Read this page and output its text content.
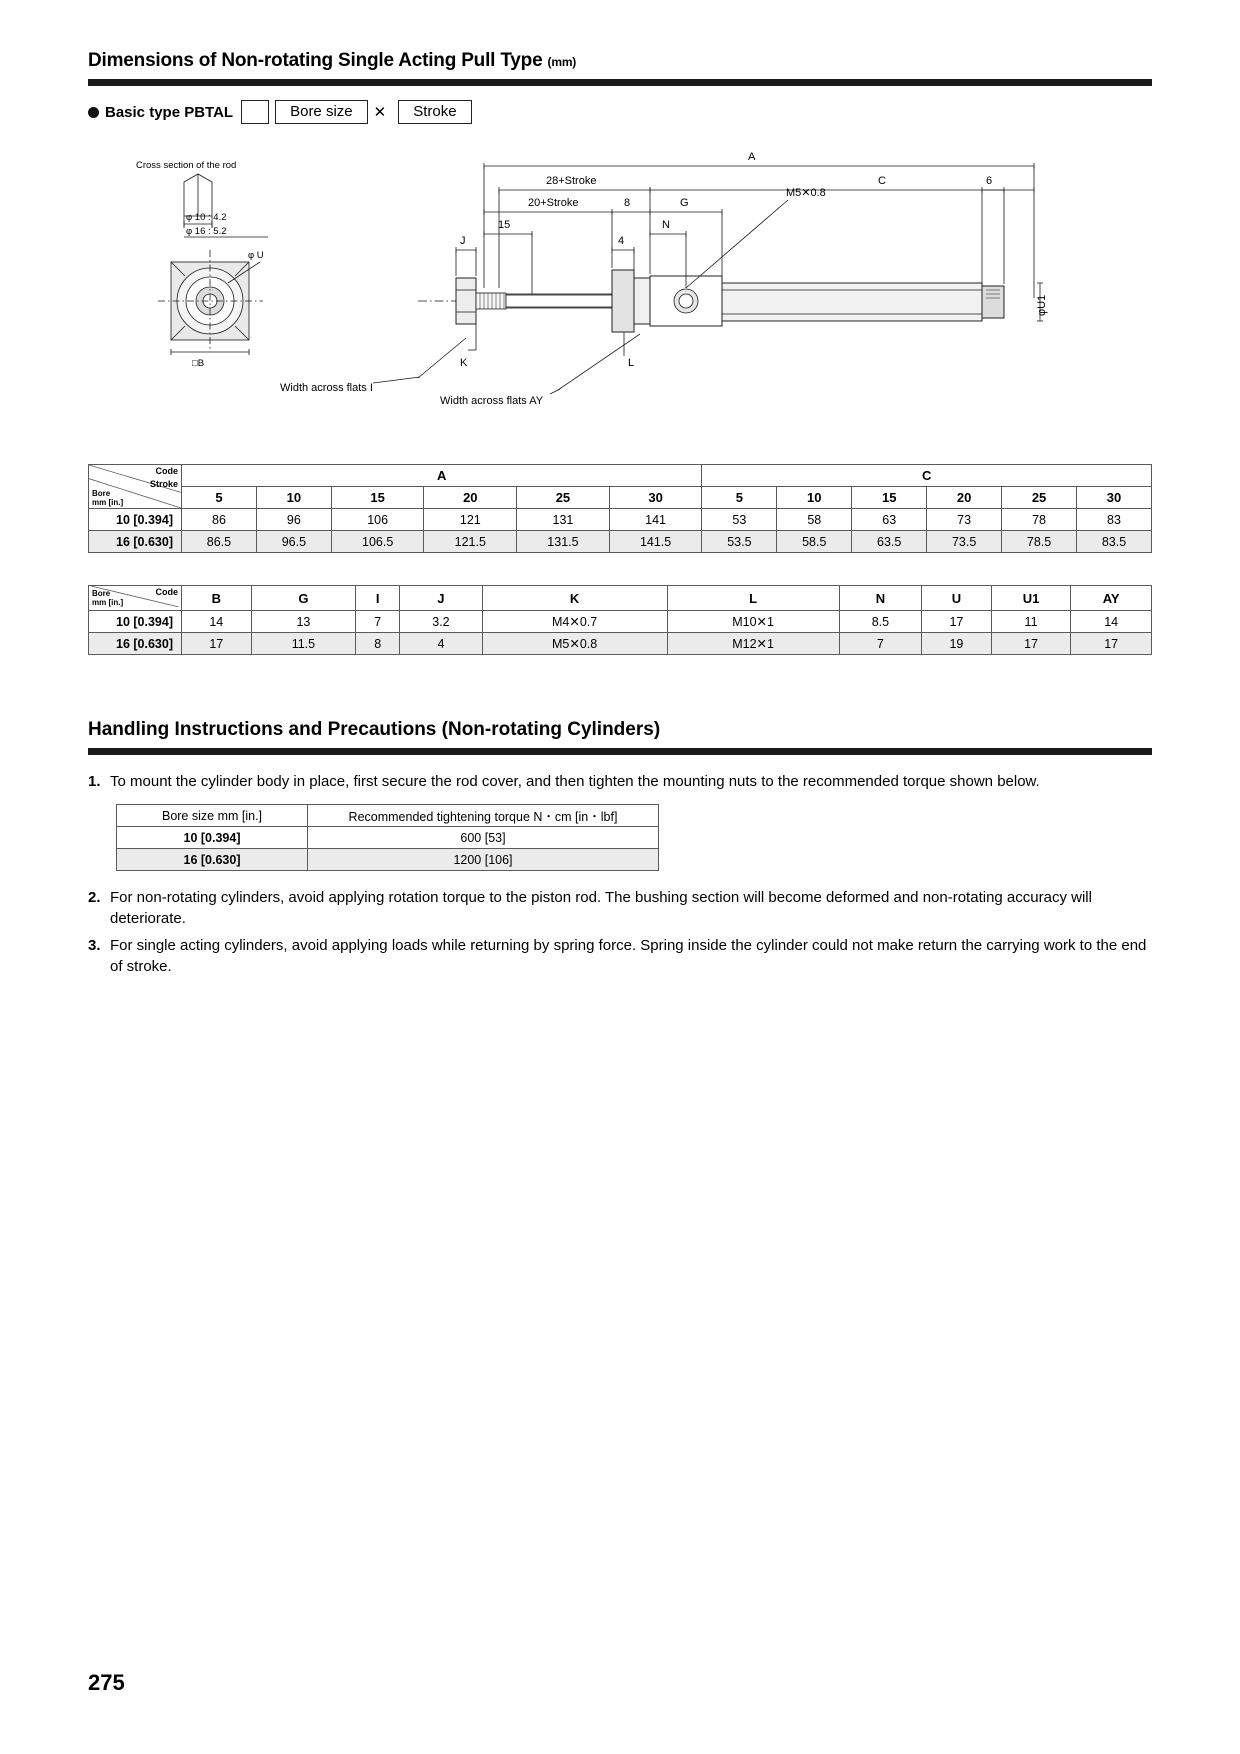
Dimensions of Non-rotating Single Acting Pull Type (mm)
Basic type PBTAL	Bore size	✕	Stroke
Cross section of the rod
φ 10 : 4.2
φ 16 : 5.2
φ U
□B
A
C
28+Stroke
20+Stroke
15
8	G
N
4
J
6
M5✕0.8
φU1
K	L
Width across flats I
Width across flats AY
Code
Stroke
Bore
mm [in.]	A						C					
	5	10	15	20	25	30	5	10	15	20	25	30
10 [0.394]	86	96	106	121	131	141	53	58	63	73	78	83
16 [0.630]	86.5	96.5	106.5	121.5	131.5	141.5	53.5	58.5	63.5	73.5	78.5	83.5
Code
Bore
mm [in.]	B	G	I	J	K	L	N	U	U1	AY
10 [0.394]	14	13	7	3.2	M4✕0.7	M10✕1	8.5	17	11	14
16 [0.630]	17	11.5	8	4	M5✕0.8	M12✕1	7	19	17	17
Handling Instructions and Precautions (Non-rotating Cylinders)
1. To mount the cylinder body in place, first secure the rod cover, and then tighten the mounting nuts to the recommended torque shown below.
Bore size mm [in.]	Recommended tightening torque N・cm [in・lbf]
10 [0.394]	600 [53]
16 [0.630]	1200 [106]
2. For non-rotating cylinders, avoid applying rotation torque to the piston rod. The bushing section will become deformed and non-rotating accuracy will deteriorate.
3. For single acting cylinders, avoid applying loads while returning by spring force. Spring inside the cylinder could not make return the carrying work to the end of stroke.
275
